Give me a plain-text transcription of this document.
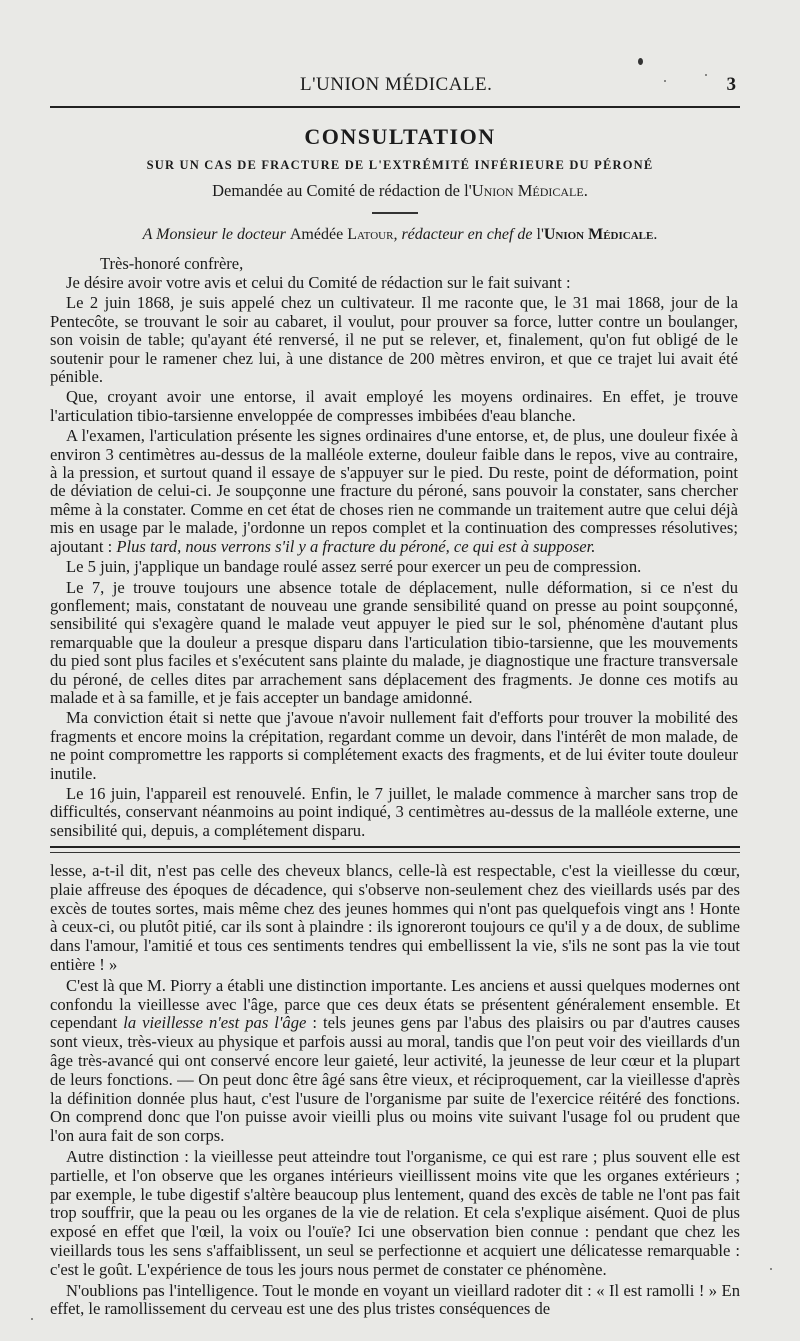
L'UNION MÉDICALE.	3
CONSULTATION
SUR UN CAS DE FRACTURE DE L'EXTRÉMITÉ INFÉRIEURE DU PÉRONÉ
Demandée au Comité de rédaction de l'Union Médicale.
A Monsieur le docteur Amédée Latour, rédacteur en chef de l'Union Médicale.
Très-honoré confrère,

Je désire avoir votre avis et celui du Comité de rédaction sur le fait suivant :

Le 2 juin 1868, je suis appelé chez un cultivateur. Il me raconte que, le 31 mai 1868, jour de la Pentecôte, se trouvant le soir au cabaret, il voulut, pour prouver sa force, lutter contre un boulanger, son voisin de table; qu'ayant été renversé, il ne put se relever, et, finalement, qu'on fut obligé de le soutenir pour le ramener chez lui, à une distance de 200 mètres environ, et que ce trajet lui avait été pénible.

Que, croyant avoir une entorse, il avait employé les moyens ordinaires. En effet, je trouve l'articulation tibio-tarsienne enveloppée de compresses imbibées d'eau blanche.

A l'examen, l'articulation présente les signes ordinaires d'une entorse, et, de plus, une douleur fixée à environ 3 centimètres au-dessus de la malléole externe, douleur faible dans le repos, vive au contraire, à la pression, et surtout quand il essaye de s'appuyer sur le pied. Du reste, point de déformation, point de déviation de celui-ci. Je soupçonne une fracture du péroné, sans pouvoir la constater, sans chercher même à la constater. Comme en cet état de choses rien ne commande un traitement autre que celui déjà mis en usage par le malade, j'ordonne un repos complet et la continuation des compresses résolutives; ajoutant : Plus tard, nous verrons s'il y a fracture du péroné, ce qui est à supposer.

Le 5 juin, j'applique un bandage roulé assez serré pour exercer un peu de compression.

Le 7, je trouve toujours une absence totale de déplacement, nulle déformation, si ce n'est du gonflement; mais, constatant de nouveau une grande sensibilité quand on presse au point soupçonné, sensibilité qui s'exagère quand le malade veut appuyer le pied sur le sol, phénomène d'autant plus remarquable que la douleur a presque disparu dans l'articulation tibio-tarsienne, que les mouvements du pied sont plus faciles et s'exécutent sans plainte du malade, je diagnostique une fracture transversale du péroné, de celles dites par arrachement sans déplacement des fragments. Je donne ces motifs au malade et à sa famille, et je fais accepter un bandage amidonné.

Ma conviction était si nette que j'avoue n'avoir nullement fait d'efforts pour trouver la mobilité des fragments et encore moins la crépitation, regardant comme un devoir, dans l'intérêt de mon malade, de ne point compromettre les rapports si complétement exacts des fragments, et de lui éviter toute douleur inutile.

Le 16 juin, l'appareil est renouvelé. Enfin, le 7 juillet, le malade commence à marcher sans trop de difficultés, conservant néanmoins au point indiqué, 3 centimètres au-dessus de la malléole externe, une sensibilité qui, depuis, a complétement disparu.

lesse, a-t-il dit, n'est pas celle des cheveux blancs, celle-là est respectable, c'est la vieillesse du cœur, plaie affreuse des époques de décadence, qui s'observe non-seulement chez des vieillards usés par des excès de toutes sortes, mais même chez des jeunes hommes qui n'ont pas quelquefois vingt ans ! Honte à ceux-ci, ou plutôt pitié, car ils sont à plaindre : ils ignoreront toujours ce qu'il y a de doux, de sublime dans l'amour, l'amitié et tous ces sentiments tendres qui embellissent la vie, s'ils ne sont pas la vie tout entière ! »

C'est là que M. Piorry a établi une distinction importante. Les anciens et aussi quelques modernes ont confondu la vieillesse avec l'âge, parce que ces deux états se présentent généralement ensemble. Et cependant la vieillesse n'est pas l'âge : tels jeunes gens par l'abus des plaisirs ou par d'autres causes sont vieux, très-vieux au physique et parfois aussi au moral, tandis que l'on peut voir des vieillards d'un âge très-avancé qui ont conservé encore leur gaieté, leur activité, la jeunesse de leur cœur et la plupart de leurs fonctions. — On peut donc être âgé sans être vieux, et réciproquement, car la vieillesse d'après la définition donnée plus haut, c'est l'usure de l'organisme par suite de l'exercice réitéré des fonctions. On comprend donc que l'on puisse avoir vieilli plus ou moins vite suivant l'usage fol ou prudent que l'on aura fait de son corps.

Autre distinction : la vieillesse peut atteindre tout l'organisme, ce qui est rare ; plus souvent elle est partielle, et l'on observe que les organes intérieurs vieillissent moins vite que les organes extérieurs ; par exemple, le tube digestif s'altère beaucoup plus lentement, quand des excès de table ne l'ont pas fait trop souffrir, que la peau ou les organes de la vie de relation. Et cela s'explique aisément. Quoi de plus exposé en effet que l'œil, la voix ou l'ouïe? Ici une observation bien connue : pendant que chez les vieillards tous les sens s'affaiblissent, un seul se perfectionne et acquiert une délicatesse remarquable : c'est le goût. L'expérience de tous les jours nous permet de constater ce phénomène.

N'oublions pas l'intelligence. Tout le monde en voyant un vieillard radoter dit : « Il est ramolli ! » En effet, le ramollissement du cerveau est une des plus tristes conséquences de
